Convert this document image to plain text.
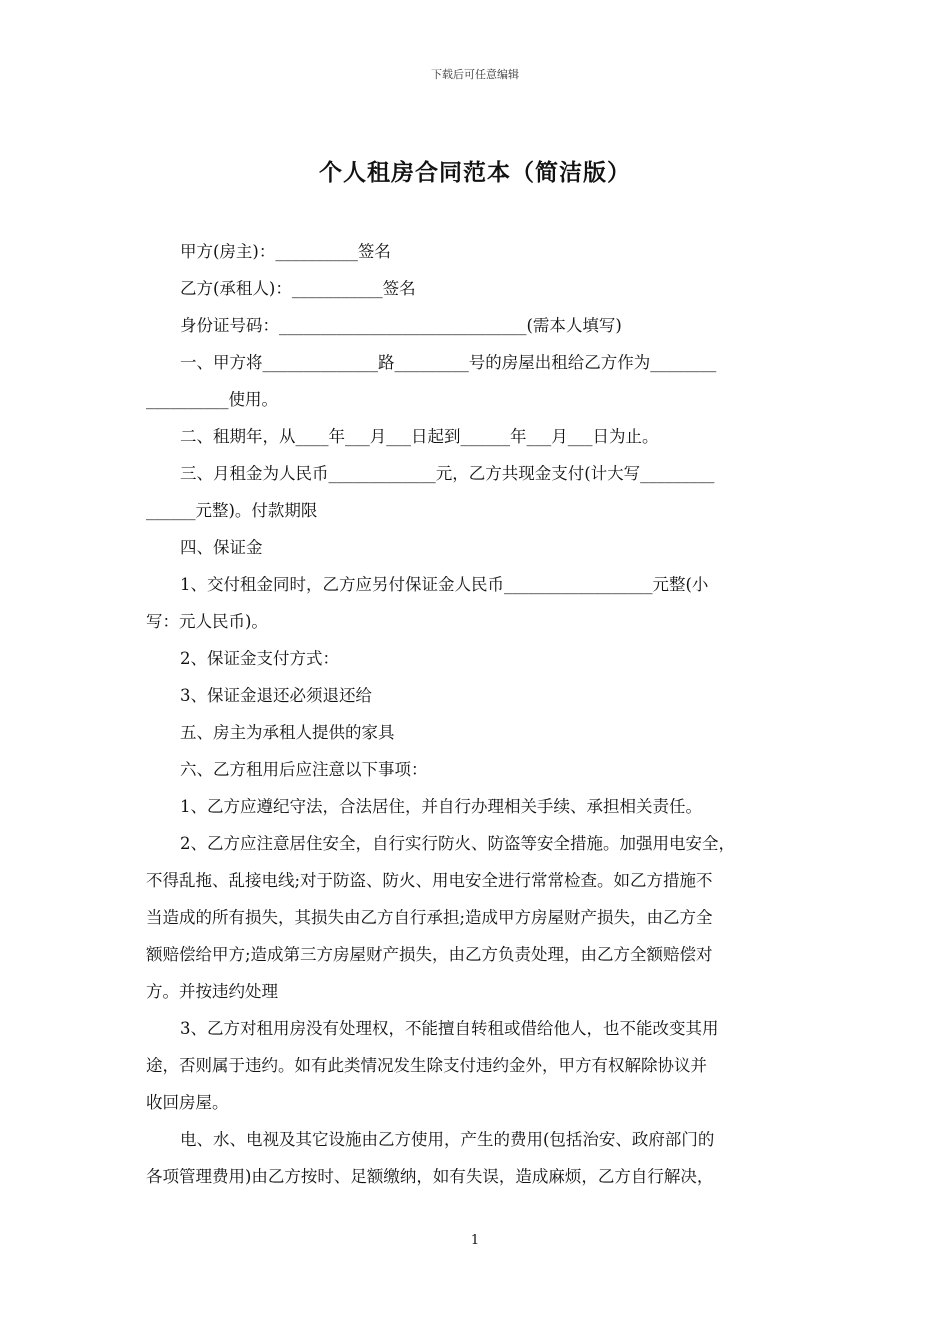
下载后可任意编辑
个人租房合同范本（简洁版）
甲方(房主)：__________签名
乙方(承租人)：___________签名
身份证号码：______________________________(需本人填写)
一、甲方将______________路_________号的房屋出租给乙方作为________
__________使用。
二、租期年，从____年___月___日起到______年___月___日为止。
三、月租金为人民币_____________元，乙方共现金支付(计大写_________
______元整)。付款期限
四、保证金
1、交付租金同时，乙方应另付保证金人民币__________________元整(小
写：元人民币)。
2、保证金支付方式：
3、保证金退还必须退还给
五、房主为承租人提供的家具
六、乙方租用后应注意以下事项：
1、乙方应遵纪守法，合法居住，并自行办理相关手续、承担相关责任。
2、乙方应注意居住安全，自行实行防火、防盗等安全措施。加强用电安全，
不得乱拖、乱接电线;对于防盗、防火、用电安全进行常常检查。如乙方措施不
当造成的所有损失，其损失由乙方自行承担;造成甲方房屋财产损失，由乙方全
额赔偿给甲方;造成第三方房屋财产损失，由乙方负责处理，由乙方全额赔偿对
方。并按违约处理
3、乙方对租用房没有处理权，不能擅自转租或借给他人，也不能改变其用
途，否则属于违约。如有此类情况发生除支付违约金外，甲方有权解除协议并
收回房屋。
电、水、电视及其它设施由乙方使用，产生的费用(包括治安、政府部门的
各项管理费用)由乙方按时、足额缴纳，如有失误，造成麻烦，乙方自行解决，
1
